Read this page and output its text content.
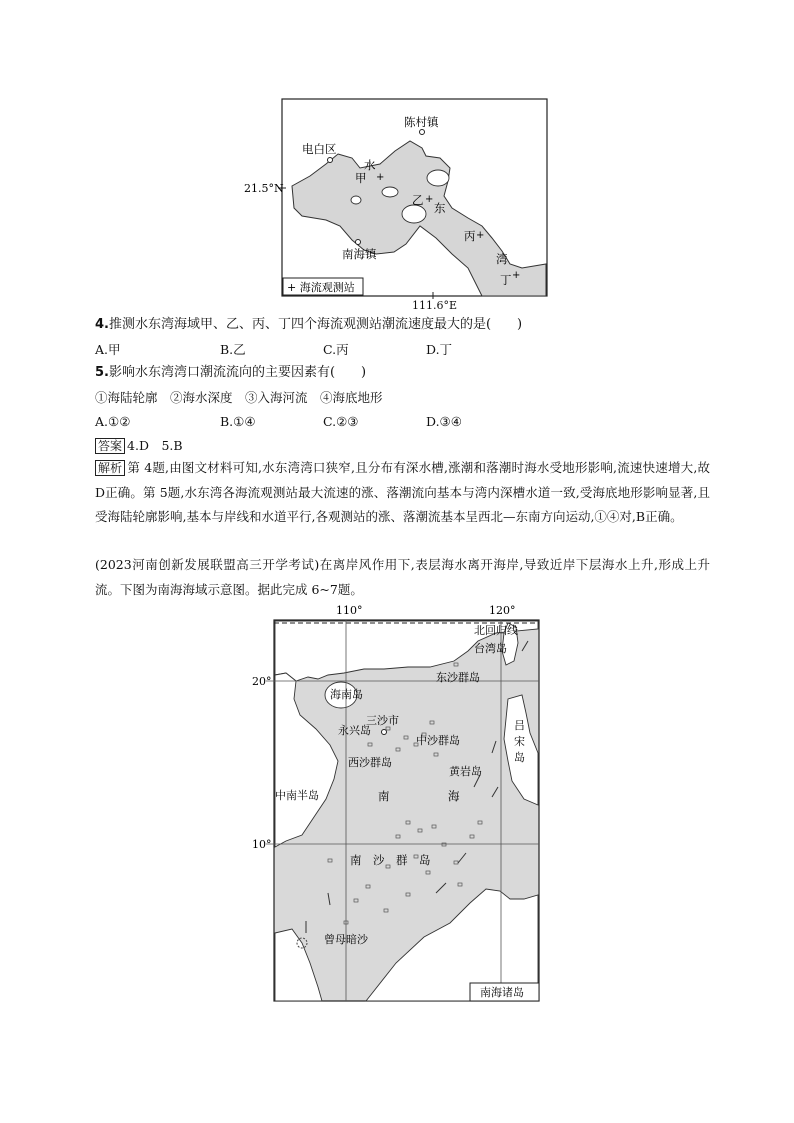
+
+
+
+
陈村镇
电白区
水
甲
乙
东
丙
湾
丁
南海镇
21.5°N
+ 海流观测站
111.6°E
4.推测水东湾海域甲、乙、丙、丁四个海流观测站潮流速度最大的是(　　)
A.甲	B.乙	C.丙	D.丁
5.影响水东湾湾口潮流流向的主要因素有(　　)
①海陆轮廓　②海水深度　③入海河流　④海底地形
A.①②	B.①④	C.②③	D.③④
答案 4.D　5.B
解析 第 4题,由图文材料可知,水东湾湾口狭窄,且分布有深水槽,涨潮和落潮时海水受地形影响,流速快速增大,故D正确。第 5题,水东湾各海流观测站最大流速的涨、落潮流向基本与湾内深槽水道一致,受海底地形影响显著,且受海陆轮廓影响,基本与岸线和水道平行,各观测站的涨、落潮流基本呈西北—东南方向运动,①④对,B正确。
(2023河南创新发展联盟高三开学考试)在离岸风作用下,表层海水离开海岸,导致近岸下层海水上升,形成上升流。下图为南海海域示意图。据此完成 6~7题。
110°	120°
20°
10°
北回归线
台湾岛
东沙群岛
海南岛
三沙市
永兴岛
中沙群岛
西沙群岛
黄岩岛
吕
宋
岛
中南半岛	南	海
南　沙　群　岛
曾母暗沙
南海诸岛
